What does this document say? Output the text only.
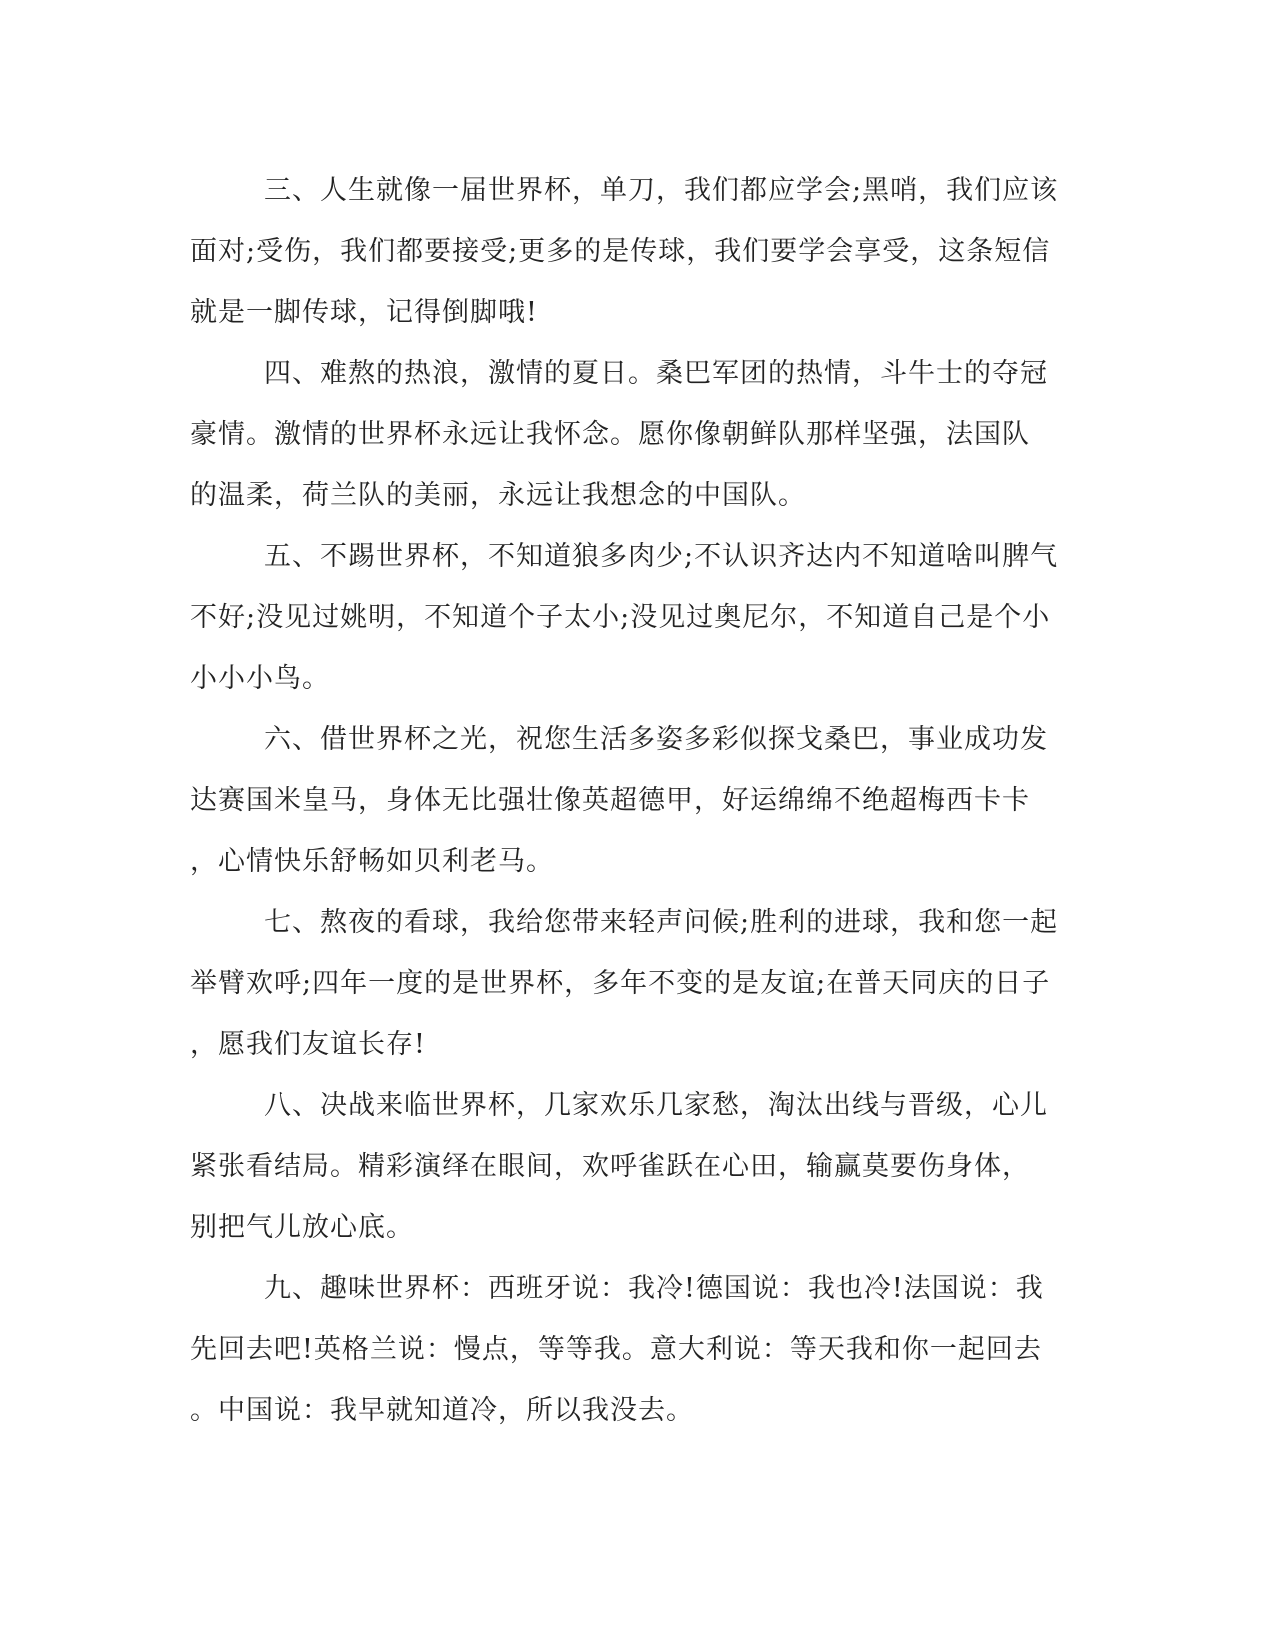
三、人生就像一届世界杯，单刀，我们都应学会;黑哨，我们应该
面对;受伤，我们都要接受;更多的是传球，我们要学会享受，这条短信
就是一脚传球，记得倒脚哦!

四、难熬的热浪，激情的夏日。桑巴军团的热情，斗牛士的夺冠
豪情。激情的世界杯永远让我怀念。愿你像朝鲜队那样坚强，法国队
的温柔，荷兰队的美丽，永远让我想念的中国队。

五、不踢世界杯，不知道狼多肉少;不认识齐达内不知道啥叫脾气
不好;没见过姚明，不知道个子太小;没见过奥尼尔，不知道自己是个小
小小小鸟。

六、借世界杯之光，祝您生活多姿多彩似探戈桑巴，事业成功发
达赛国米皇马，身体无比强壮像英超德甲，好运绵绵不绝超梅西卡卡
，心情快乐舒畅如贝利老马。

七、熬夜的看球，我给您带来轻声问候;胜利的进球，我和您一起
举臂欢呼;四年一度的是世界杯，多年不变的是友谊;在普天同庆的日子
，愿我们友谊长存!

八、决战来临世界杯，几家欢乐几家愁，淘汰出线与晋级，心儿
紧张看结局。精彩演绎在眼间，欢呼雀跃在心田，输赢莫要伤身体，
别把气儿放心底。

九、趣味世界杯：西班牙说：我冷!德国说：我也冷!法国说：我
先回去吧!英格兰说：慢点，等等我。意大利说：等天我和你一起回去
。中国说：我早就知道冷，所以我没去。
